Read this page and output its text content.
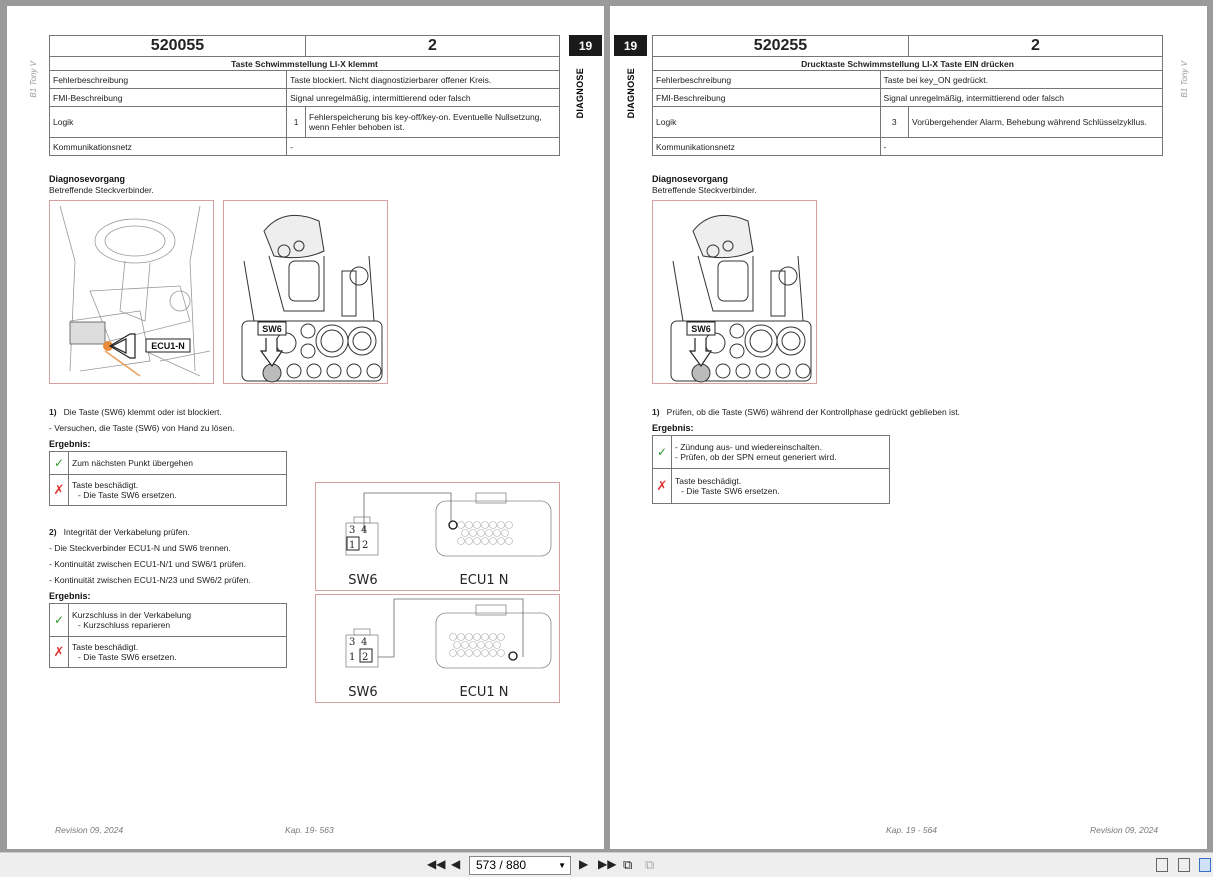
B1 Tony V
19
DIAGNOSE
520055		2
Taste Schwimmstellung LI-X klemmt		
Fehlerbeschreibung	Taste blockiert. Nicht diagnostizierbarer offener Kreis.	
FMI-Beschreibung	Signal unregelmäßig, intermittierend oder falsch	
Logik	1	Fehlerspeicherung bis key-off/key-on. Eventuelle Nullsetzung, wenn Fehler behoben ist.
Kommunikationsnetz	-	
Diagnosevorgang
Betreffende Steckverbinder.
ECU1-N
SW6
1) Die Taste (SW6) klemmt oder ist blockiert.
- Versuchen, die Taste (SW6) von Hand zu lösen.
Ergebnis:
✓	Zum nächsten Punkt übergehen
✗	Taste beschädigt.
- Die Taste SW6 ersetzen.
2) Integrität der Verkabelung prüfen.
- Die Steckverbinder ECU1-N und SW6 trennen.
- Kontinuität zwischen ECU1-N/1 und SW6/1 prüfen.
- Kontinuität zwischen ECU1-N/23 und SW6/2 prüfen.
Ergebnis:
✓	Kurzschluss in der Verkabelung
- Kurzschluss reparieren

✗	Taste beschädigt.
- Die Taste SW6 ersetzen.
3 4
1 2
SW6	ECU1 N
3 4
1 2
SW6	ECU1 N
Revision 09, 2024	Kap. 19- 563
19
DIAGNOSE	B1 Tony V
520255		2
Drucktaste Schwimmstellung LI-X Taste EIN drücken		
Fehlerbeschreibung	Taste bei key_ON gedrückt.	
FMI-Beschreibung	Signal unregelmäßig, intermittierend oder falsch	
Logik	3	Vorübergehender Alarm, Behebung während Schlüsselzykllus.
Kommunikationsnetz	-	
Diagnosevorgang
Betreffende Steckverbinder.
SW6
1) Prüfen, ob die Taste (SW6) während der Kontrollphase gedrückt geblieben ist.
Ergebnis:
✓	- Zündung aus- und wiedereinschalten.
- Prüfen, ob der SPN erneut generiert wird.

✗	Taste beschädigt.
- Die Taste SW6 ersetzen.
Kap. 19 - 564	Revision 09, 2024
◀◀ ◀	573 / 880	▼ ▶ ▶▶ ⧉ ⧉
